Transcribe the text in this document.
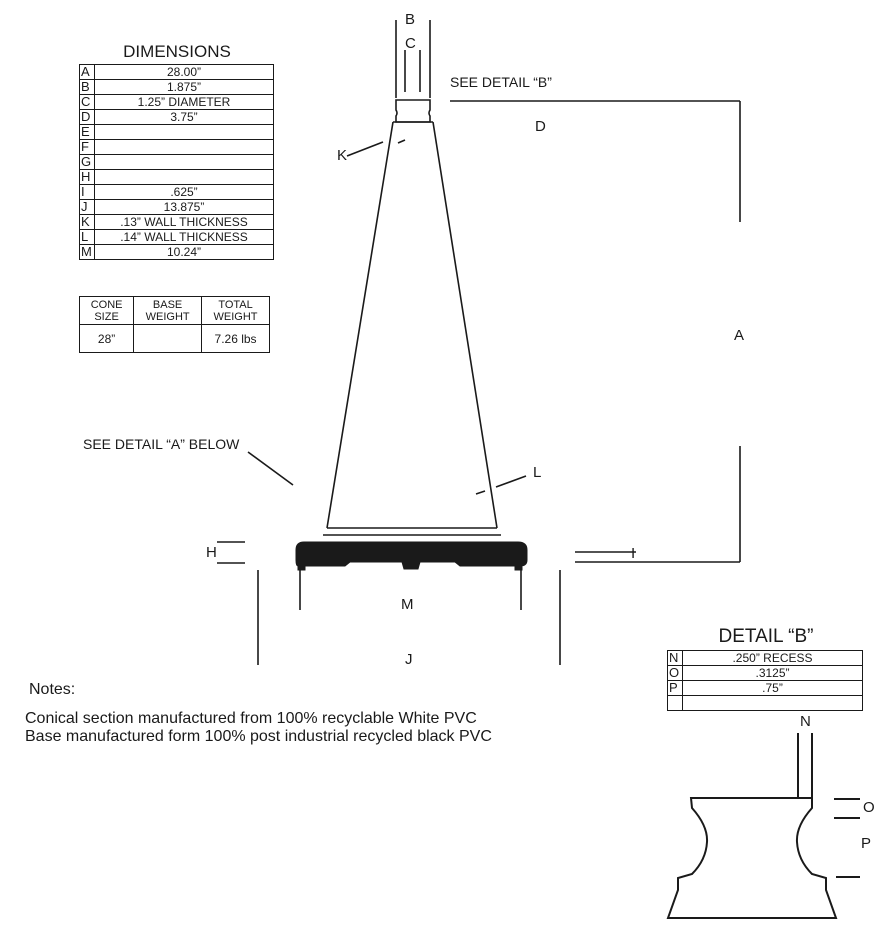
DIMENSIONS
A	28.00”
B	1.875”
C	1.25” DIAMETER
D	3.75”
E	
F	
G	
H	
I	.625”
J	13.875”
K	.13” WALL THICKNESS
L	.14” WALL THICKNESS
M	10.24”
CONE SIZE	BASE WEIGHT	TOTAL WEIGHT
28”		7.26 lbs
DETAIL “B”
N	.250” RECESS
O	.3125”
P	.75”

B
C
SEE DETAIL “B”
D
K
A
SEE DETAIL “A” BELOW
L
H	I
M
J
N
O
P
Notes:
Conical section manufactured from 100% recyclable White PVC
Base manufactured form 100% post industrial recycled black PVC
